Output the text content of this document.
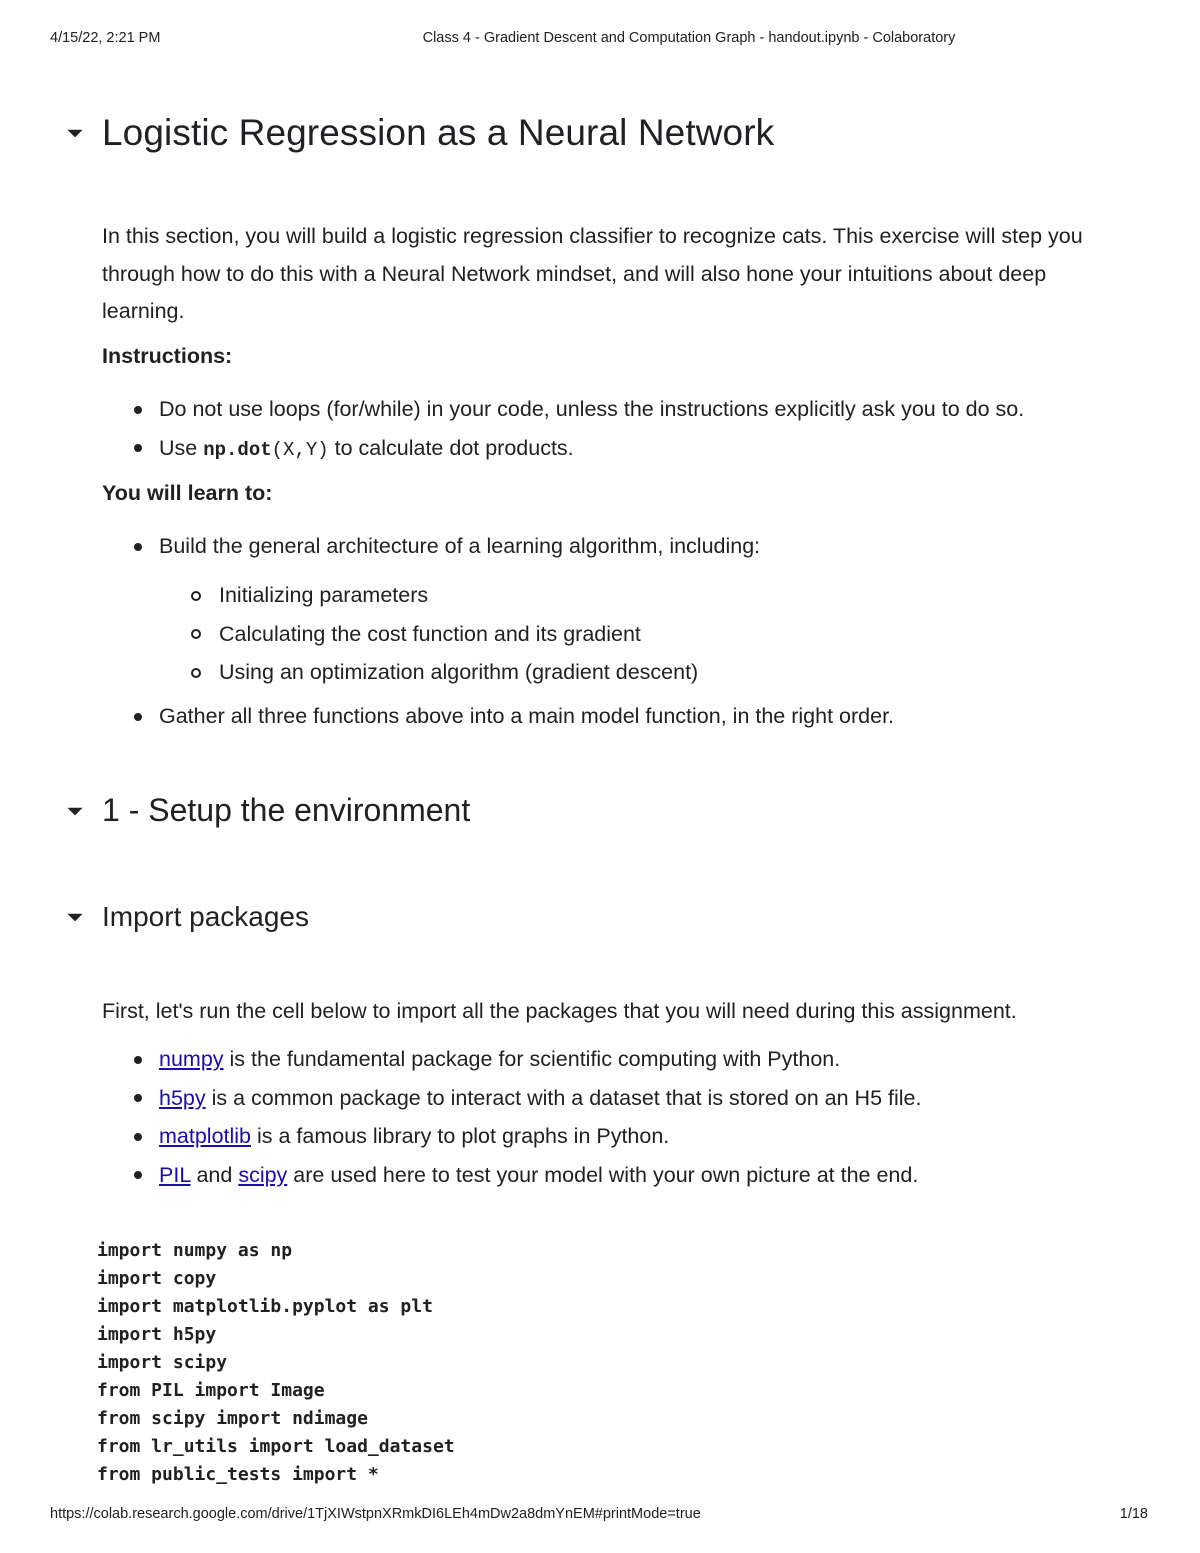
4/15/22, 2:21 PM	Class 4 - Gradient Descent and Computation Graph - handout.ipynb - Colaboratory
Logistic Regression as a Neural Network
In this section, you will build a logistic regression classifier to recognize cats. This exercise will step you through how to do this with a Neural Network mindset, and will also hone your intuitions about deep learning.
Instructions:
Do not use loops (for/while) in your code, unless the instructions explicitly ask you to do so.
Use np.dot(X,Y) to calculate dot products.
You will learn to:
Build the general architecture of a learning algorithm, including:
Initializing parameters
Calculating the cost function and its gradient
Using an optimization algorithm (gradient descent)
Gather all three functions above into a main model function, in the right order.
1 - Setup the environment
Import packages
First, let's run the cell below to import all the packages that you will need during this assignment.
numpy is the fundamental package for scientific computing with Python.
h5py is a common package to interact with a dataset that is stored on an H5 file.
matplotlib is a famous library to plot graphs in Python.
PIL and scipy are used here to test your model with your own picture at the end.
import numpy as np
import copy
import matplotlib.pyplot as plt
import h5py
import scipy
from PIL import Image
from scipy import ndimage
from lr_utils import load_dataset
from public_tests import *
https://colab.research.google.com/drive/1TjXIWstpnXRmkDI6LEh4mDw2a8dmYnEM#printMode=true	1/18
